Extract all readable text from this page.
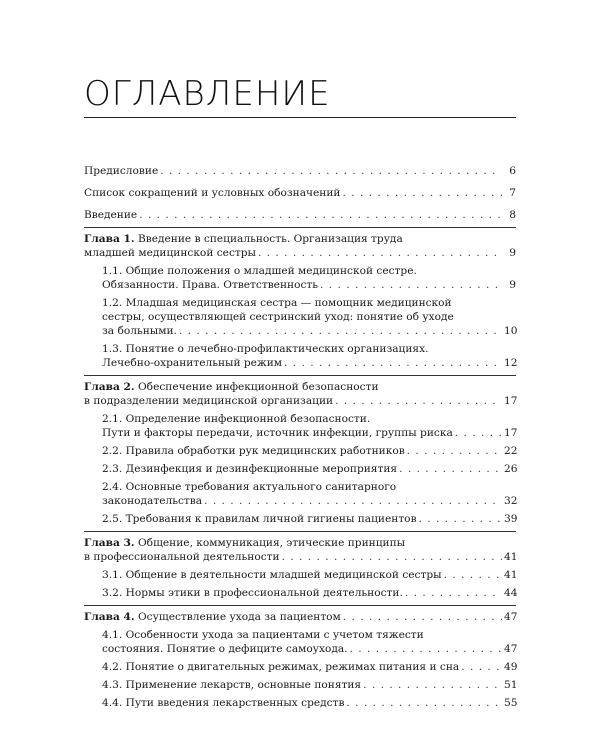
ОГЛАВЛЕНИЕ
Предисловие . . .	6
Список сокращений и условных обозначений . . .	7
Введение . . .	8
Глава 1. Введение в специальность. Организация труда
младшей медицинской сестры . . .	9
1.1. Общие положения о младшей медицинской сестре.
Обязанности. Права. Ответственность . . .	9
1.2. Младшая медицинская сестра — помощник медицинской
сестры, осуществляющей сестринский уход: понятие об уходе
за больными. . . .	10
1.3. Понятие о лечебно-профилактических организациях.
Лечебно-охранительный режим . . .	12
Глава 2. Обеспечение инфекционной безопасности
в подразделении медицинской организации . . .	17
2.1. Определение инфекционной безопасности.
Пути и факторы передачи, источник инфекции, группы риска . . .	17
2.2. Правила обработки рук медицинских работников . . .	22
2.3. Дезинфекция и дезинфекционные мероприятия . . .	26
2.4. Основные требования актуального санитарного
законодательства . . .	32
2.5. Требования к правилам личной гигиены пациентов . . .	39
Глава 3. Общение, коммуникация, этические принципы
в профессиональной деятельности . . .	41
3.1. Общение в деятельности младшей медицинской сестры . . .	41
3.2. Нормы этики в профессиональной деятельности. . . .	44
Глава 4. Осуществление ухода за пациентом . . .	47
4.1. Особенности ухода за пациентами с учетом тяжести
состояния. Понятие о дефиците самоухода. . . .	47
4.2. Понятие о двигательных режимах, режимах питания и сна . . .	49
4.3. Применение лекарств, основные понятия . . .	51
4.4. Пути введения лекарственных средств . . .	55
